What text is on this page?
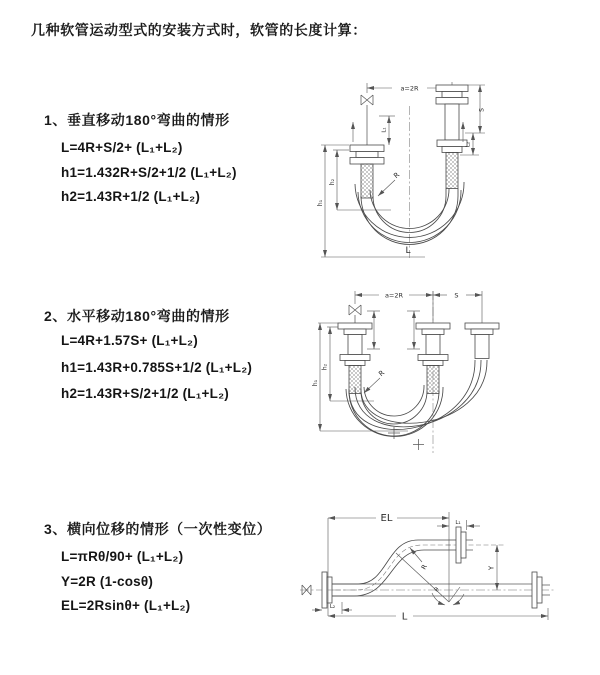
几种软管运动型式的安装方式时，软管的长度计算：
1、垂直移动180°弯曲的情形
L=4R+S/2+ (L₁+L₂)
h1=1.432R+S/2+1/2 (L₁+L₂)
h2=1.43R+1/2 (L₁+L₂)
2、水平移动180°弯曲的情形
L=4R+1.57S+ (L₁+L₂)
h1=1.43R+0.785S+1/2 (L₁+L₂)
h2=1.43R+S/2+1/2 (L₁+L₂)
3、横向位移的情形（一次性变位）
L=πRθ/90+ (L₁+L₂)
Y=2R (1-cosθ)
EL=2Rsinθ+ (L₁+L₂)
a=2R
h₁
h₂
L₁
S
L₂
R
L
a=2R	S
h₁
h₂
R
θ
R
EL	L₁
Y
L
L₂
